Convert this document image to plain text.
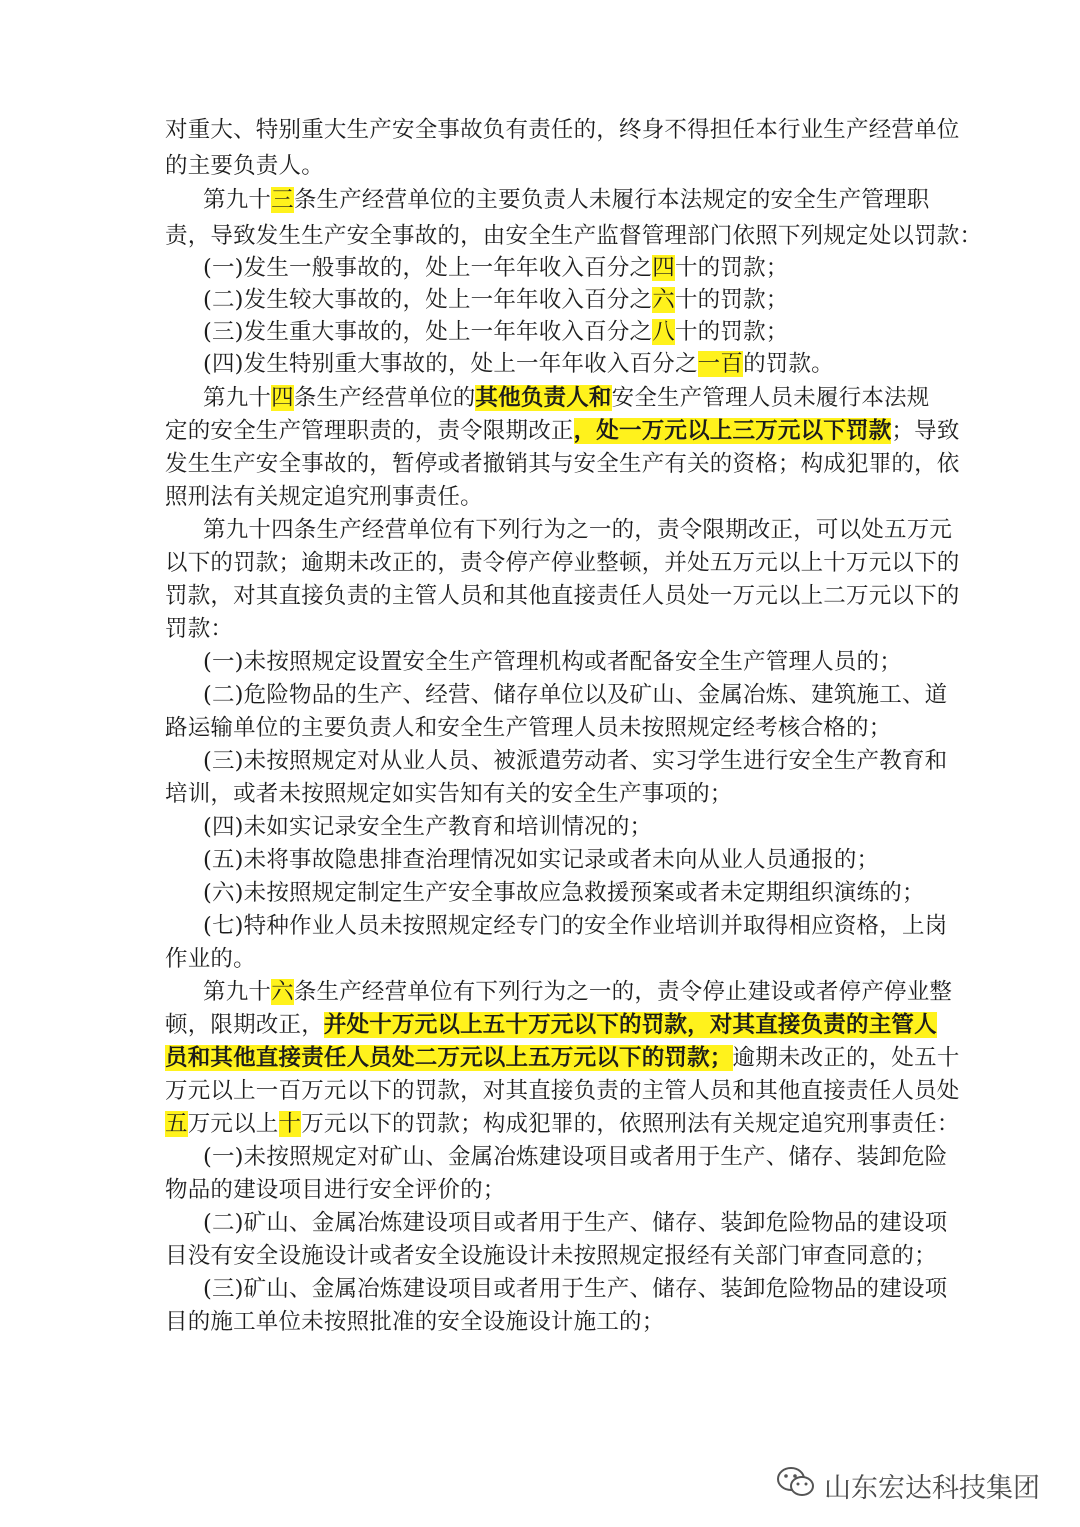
对重大、特别重大生产安全事故负有责任的，终身不得担任本行业生产经营单位

的主要负责人。

第九十三条生产经营单位的主要负责人未履行本法规定的安全生产管理职

责，导致发生生产安全事故的，由安全生产监督管理部门依照下列规定处以罚款：

(一)发生一般事故的，处上一年年收入百分之四十的罚款；

(二)发生较大事故的，处上一年年收入百分之六十的罚款；

(三)发生重大事故的，处上一年年收入百分之八十的罚款；

(四)发生特别重大事故的，处上一年年收入百分之一百的罚款。

第九十四条生产经营单位的其他负责人和安全生产管理人员未履行本法规

定的安全生产管理职责的，责令限期改正，处一万元以上三万元以下罚款；导致

发生生产安全事故的，暂停或者撤销其与安全生产有关的资格；构成犯罪的，依

照刑法有关规定追究刑事责任。

第九十四条生产经营单位有下列行为之一的，责令限期改正，可以处五万元

以下的罚款；逾期未改正的，责令停产停业整顿，并处五万元以上十万元以下的

罚款，对其直接负责的主管人员和其他直接责任人员处一万元以上二万元以下的

罚款：

(一)未按照规定设置安全生产管理机构或者配备安全生产管理人员的；

(二)危险物品的生产、经营、储存单位以及矿山、金属冶炼、建筑施工、道

路运输单位的主要负责人和安全生产管理人员未按照规定经考核合格的；

(三)未按照规定对从业人员、被派遣劳动者、实习学生进行安全生产教育和

培训，或者未按照规定如实告知有关的安全生产事项的；

(四)未如实记录安全生产教育和培训情况的；

(五)未将事故隐患排查治理情况如实记录或者未向从业人员通报的；

(六)未按照规定制定生产安全事故应急救援预案或者未定期组织演练的；

(七)特种作业人员未按照规定经专门的安全作业培训并取得相应资格，上岗

作业的。

第九十六条生产经营单位有下列行为之一的，责令停止建设或者停产停业整

顿，限期改正，并处十万元以上五十万元以下的罚款，对其直接负责的主管人

员和其他直接责任人员处二万元以上五万元以下的罚款；逾期未改正的，处五十

万元以上一百万元以下的罚款，对其直接负责的主管人员和其他直接责任人员处

五万元以上十万元以下的罚款；构成犯罪的，依照刑法有关规定追究刑事责任：

(一)未按照规定对矿山、金属冶炼建设项目或者用于生产、储存、装卸危险

物品的建设项目进行安全评价的；

(二)矿山、金属冶炼建设项目或者用于生产、储存、装卸危险物品的建设项

目没有安全设施设计或者安全设施设计未按照规定报经有关部门审查同意的；

(三)矿山、金属冶炼建设项目或者用于生产、储存、装卸危险物品的建设项

目的施工单位未按照批准的安全设施设计施工的；

山东宏达科技集团
